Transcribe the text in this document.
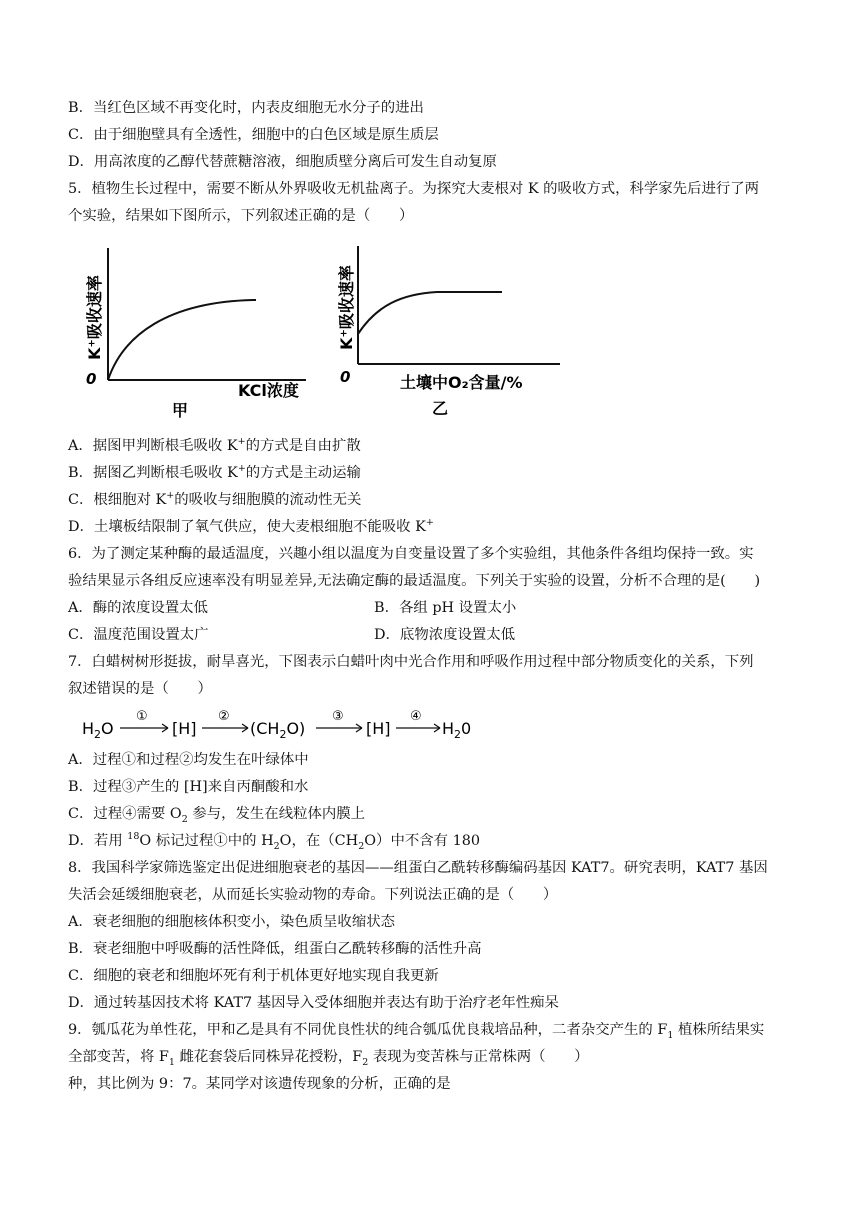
B．当红色区域不再变化时，内表皮细胞无水分子的进出
C．由于细胞壁具有全透性，细胞中的白色区域是原生质层
D．用高浓度的乙醇代替蔗糖溶液，细胞质壁分离后可发生自动复原
5．植物生长过程中，需要不断从外界吸收无机盐离子。为探究大麦根对 K 的吸收方式，科学家先后进行了两
个实验，结果如下图所示，下列叙述正确的是（　　）
0
K⁺吸收速率
KCl浓度
甲
0
K⁺吸收速率
土壤中O₂含量/%
乙
A．据图甲判断根毛吸收 K+的方式是自由扩散
B．据图乙判断根毛吸收 K+的方式是主动运输
C．根细胞对 K+的吸收与细胞膜的流动性无关
D．土壤板结限制了氧气供应，使大麦根细胞不能吸收 K+
6．为了测定某种酶的最适温度，兴趣小组以温度为自变量设置了多个实验组，其他条件各组均保持一致。实
验结果显示各组反应速率没有明显差异,无法确定酶的最适温度。下列关于实验的设置，分析不合理的是(　　)
A．酶的浓度设置太低	B．各组 pH 设置太小
C．温度范围设置太广	D．底物浓度设置太低
7．白蜡树树形挺拔，耐旱喜光，下图表示白蜡叶肉中光合作用和呼吸作用过程中部分物质变化的关系，下列
叙述错误的是（　　）
$H_2O$
①
[H]
②
$(CH_2O)$
③
[H]
④
$H_20$
A．过程①和过程②均发生在叶绿体中
B．过程③产生的 [H]来自丙酮酸和水
C．过程④需要 $O_2$ 参与，发生在线粒体内膜上
D．若用 $^{18}$O 标记过程①中的 $H_2O$，在$(CH_2O)$中不含有 180
8．我国科学家筛选鉴定出促进细胞衰老的基因——组蛋白乙酰转移酶编码基因 KAT7。研究表明，KAT7 基因
失活会延缓细胞衰老，从而延长实验动物的寿命。下列说法正确的是（　　）
A．衰老细胞的细胞核体积变小，染色质呈收缩状态
B．衰老细胞中呼吸酶的活性降低，组蛋白乙酰转移酶的活性升高
C．细胞的衰老和细胞坏死有利于机体更好地实现自我更新
D．通过转基因技术将 KAT7 基因导入受体细胞并表达有助于治疗老年性痴呆
9．瓠瓜花为单性花，甲和乙是具有不同优良性状的纯合瓠瓜优良栽培品种，二者杂交产生的 $F_1$ 植株所结果实
全部变苦，将 $F_1$ 雌花套袋后同株异花授粉，$F_2$ 表现为变苦株与正常株两（　　）
种，其比例为 9：7。某同学对该遗传现象的分析，正确的是
